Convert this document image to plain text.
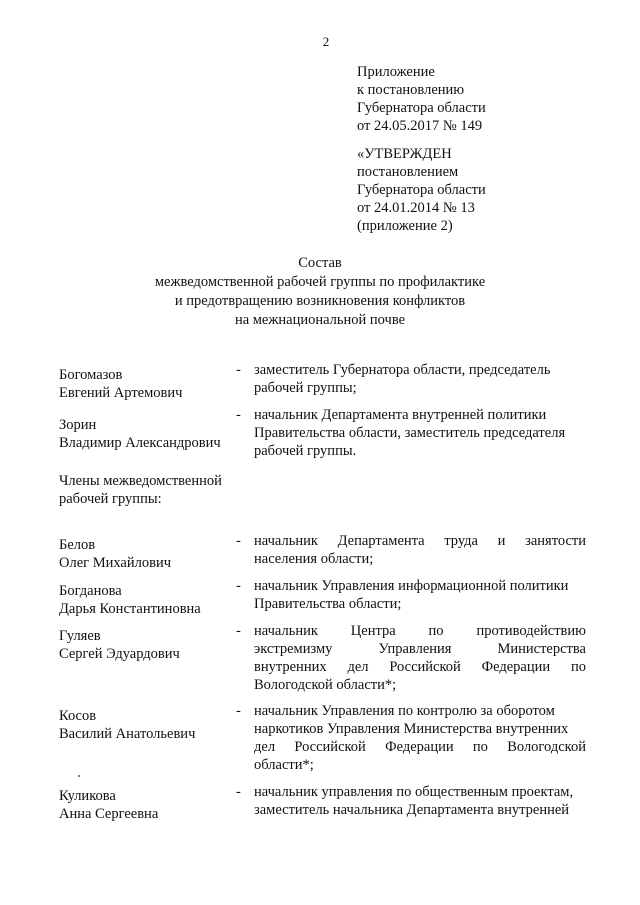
2
Приложение
к постановлению
Губернатора области
от 24.05.2017 № 149
«УТВЕРЖДЕН
постановлением
Губернатора области
от 24.01.2014 № 13
(приложение 2)
Состав
межведомственной рабочей группы по профилактике
и предотвращению возникновения конфликтов
на межнациональной почве
Богомазов
Евгений Артемович
- заместитель Губернатора области, председатель
рабочей группы;
Зорин
Владимир Александрович
- начальник Департамента внутренней политики
Правительства области, заместитель председателя
рабочей группы.
Члены межведомственной
рабочей группы:
Белов
Олег Михайлович
- начальник Департамента труда и занятости
населения области;
Богданова
Дарья Константиновна
- начальник Управления информационной политики
Правительства области;
Гуляев
Сергей Эдуардович
- начальник Центра по противодействию
экстремизму	Управления	Министерства
внутренних дел Российской Федерации по
Вологодской области*;
Косов
Василий Анатольевич
- начальник Управления по контролю за оборотом
наркотиков Управления Министерства внутренних
дел Российской Федерации по Вологодской
области*;
Куликова
Анна Сергеевна
- начальник управления по общественным проектам,
заместитель начальника Департамента внутренней
